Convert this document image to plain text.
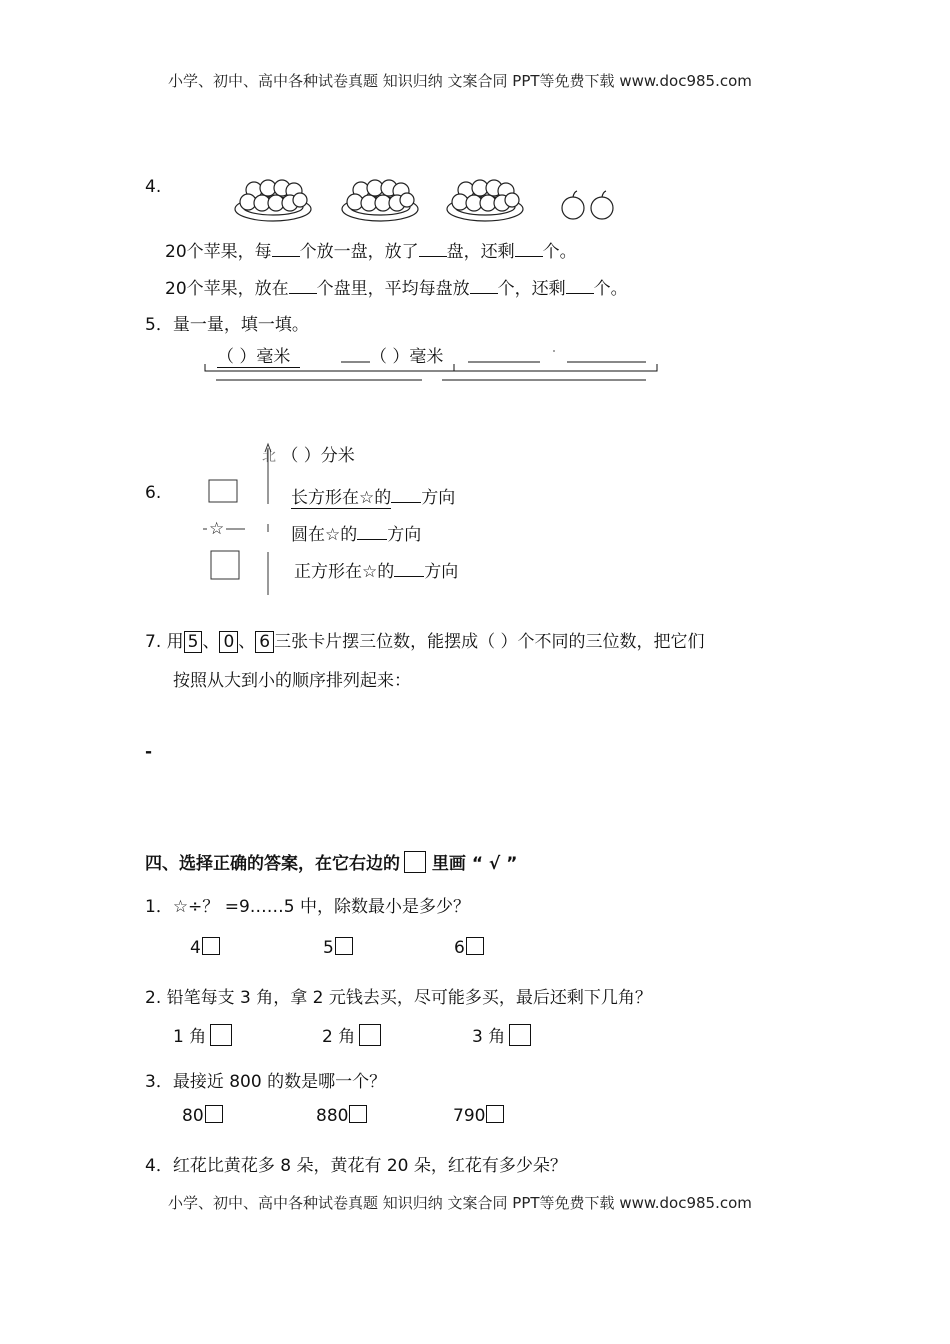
小学、初中、高中各种试卷真题 知识归纳 文案合同 PPT等免费下载 www.doc985.com
4.
20个苹果，每 个放一盘，放了 盘，还剩 个。
20个苹果，放在 个盘里，平均每盘放 个，还剩 个。
5．量一量，填一填。
（ ）毫米	（ ）毫米
北 （ ）分米
6.
☆
长方形在☆的 方向
圆在☆的 方向
正方形在☆的 方向
7. 用 5 、 0 、 6 三张卡片摆三位数，能摆成（ ）个不同的三位数，把它们
按照从大到小的顺序排列起来：
-
四、选择正确的答案，在它右边的 里画 “ √ ”
1．☆÷？ =9……5 中，除数最小是多少？
4	5	6
2. 铅笔每支 3 角，拿 2 元钱去买，尽可能多买，最后还剩下几角？
1 角	2 角	3 角
3．最接近 800 的数是哪一个？
80	880	790
4．红花比黄花多 8 朵，黄花有 20 朵，红花有多少朵？
小学、初中、高中各种试卷真题 知识归纳 文案合同 PPT等免费下载 www.doc985.com
